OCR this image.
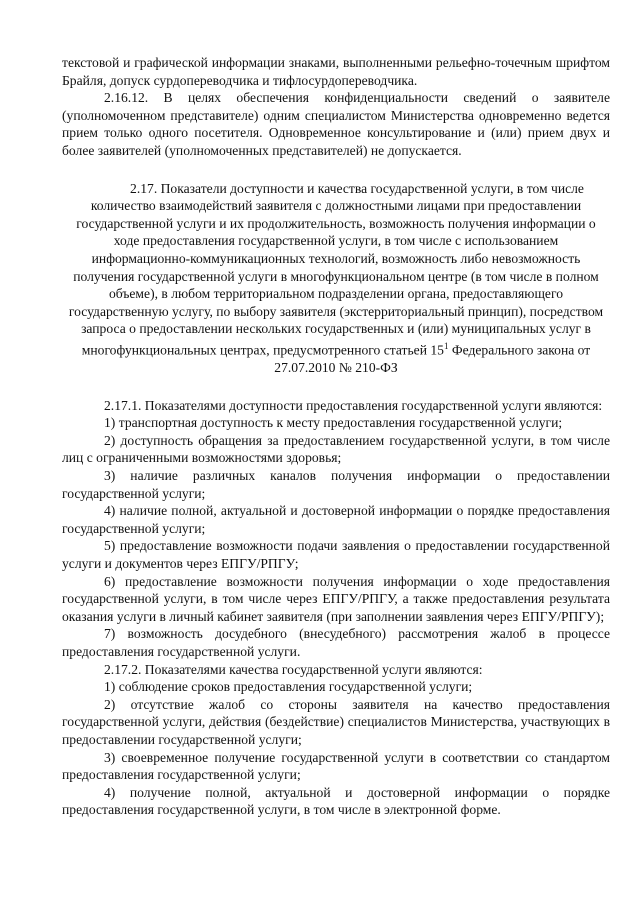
текстовой и графической информации знаками, выполненными рельефно-точечным шрифтом Брайля, допуск сурдопереводчика и тифлосурдопереводчика.

2.16.12. В целях обеспечения конфиденциальности сведений о заявителе (уполномоченном представителе) одним специалистом Министерства одновременно ведется прием только одного посетителя. Одновременное консультирование и (или) прием двух и более заявителей (уполномоченных представителей) не допускается.

2.17. Показатели доступности и качества государственной услуги, в том числе количество взаимодействий заявителя с должностными лицами при предоставлении государственной услуги и их продолжительность, возможность получения информации о ходе предоставления государственной услуги, в том числе с использованием информационно-коммуникационных технологий, возможность либо невозможность получения государственной услуги в многофункциональном центре (в том числе в полном объеме), в любом территориальном подразделении органа, предоставляющего государственную услугу, по выбору заявителя (экстерриториальный принцип), посредством запроса о предоставлении нескольких государственных и (или) муниципальных услуг в многофункциональных центрах, предусмотренного статьей $15^1$ Федерального закона от 27.07.2010 № 210-ФЗ

2.17.1. Показателями доступности предоставления государственной услуги являются:

1) транспортная доступность к месту предоставления государственной услуги;

2) доступность обращения за предоставлением государственной услуги, в том числе лиц с ограниченными возможностями здоровья;

3) наличие различных каналов получения информации о предоставлении государственной услуги;

4) наличие полной, актуальной и достоверной информации о порядке предоставления государственной услуги;

5) предоставление возможности подачи заявления о предоставлении государственной услуги и документов через ЕПГУ/РПГУ;

6) предоставление возможности получения информации о ходе предоставления государственной услуги, в том числе через ЕПГУ/РПГУ, а также предоставления результата оказания услуги в личный кабинет заявителя (при заполнении заявления через ЕПГУ/РПГУ);

7) возможность досудебного (внесудебного) рассмотрения жалоб в процессе предоставления государственной услуги.

2.17.2. Показателями качества государственной услуги являются:

1) соблюдение сроков предоставления государственной услуги;

2) отсутствие жалоб со стороны заявителя на качество предоставления государственной услуги, действия (бездействие) специалистов Министерства, участвующих в предоставлении государственной услуги;

3) своевременное получение государственной услуги в соответствии со стандартом предоставления государственной услуги;

4) получение полной, актуальной и достоверной информации о порядке предоставления государственной услуги, в том числе в электронной форме.
